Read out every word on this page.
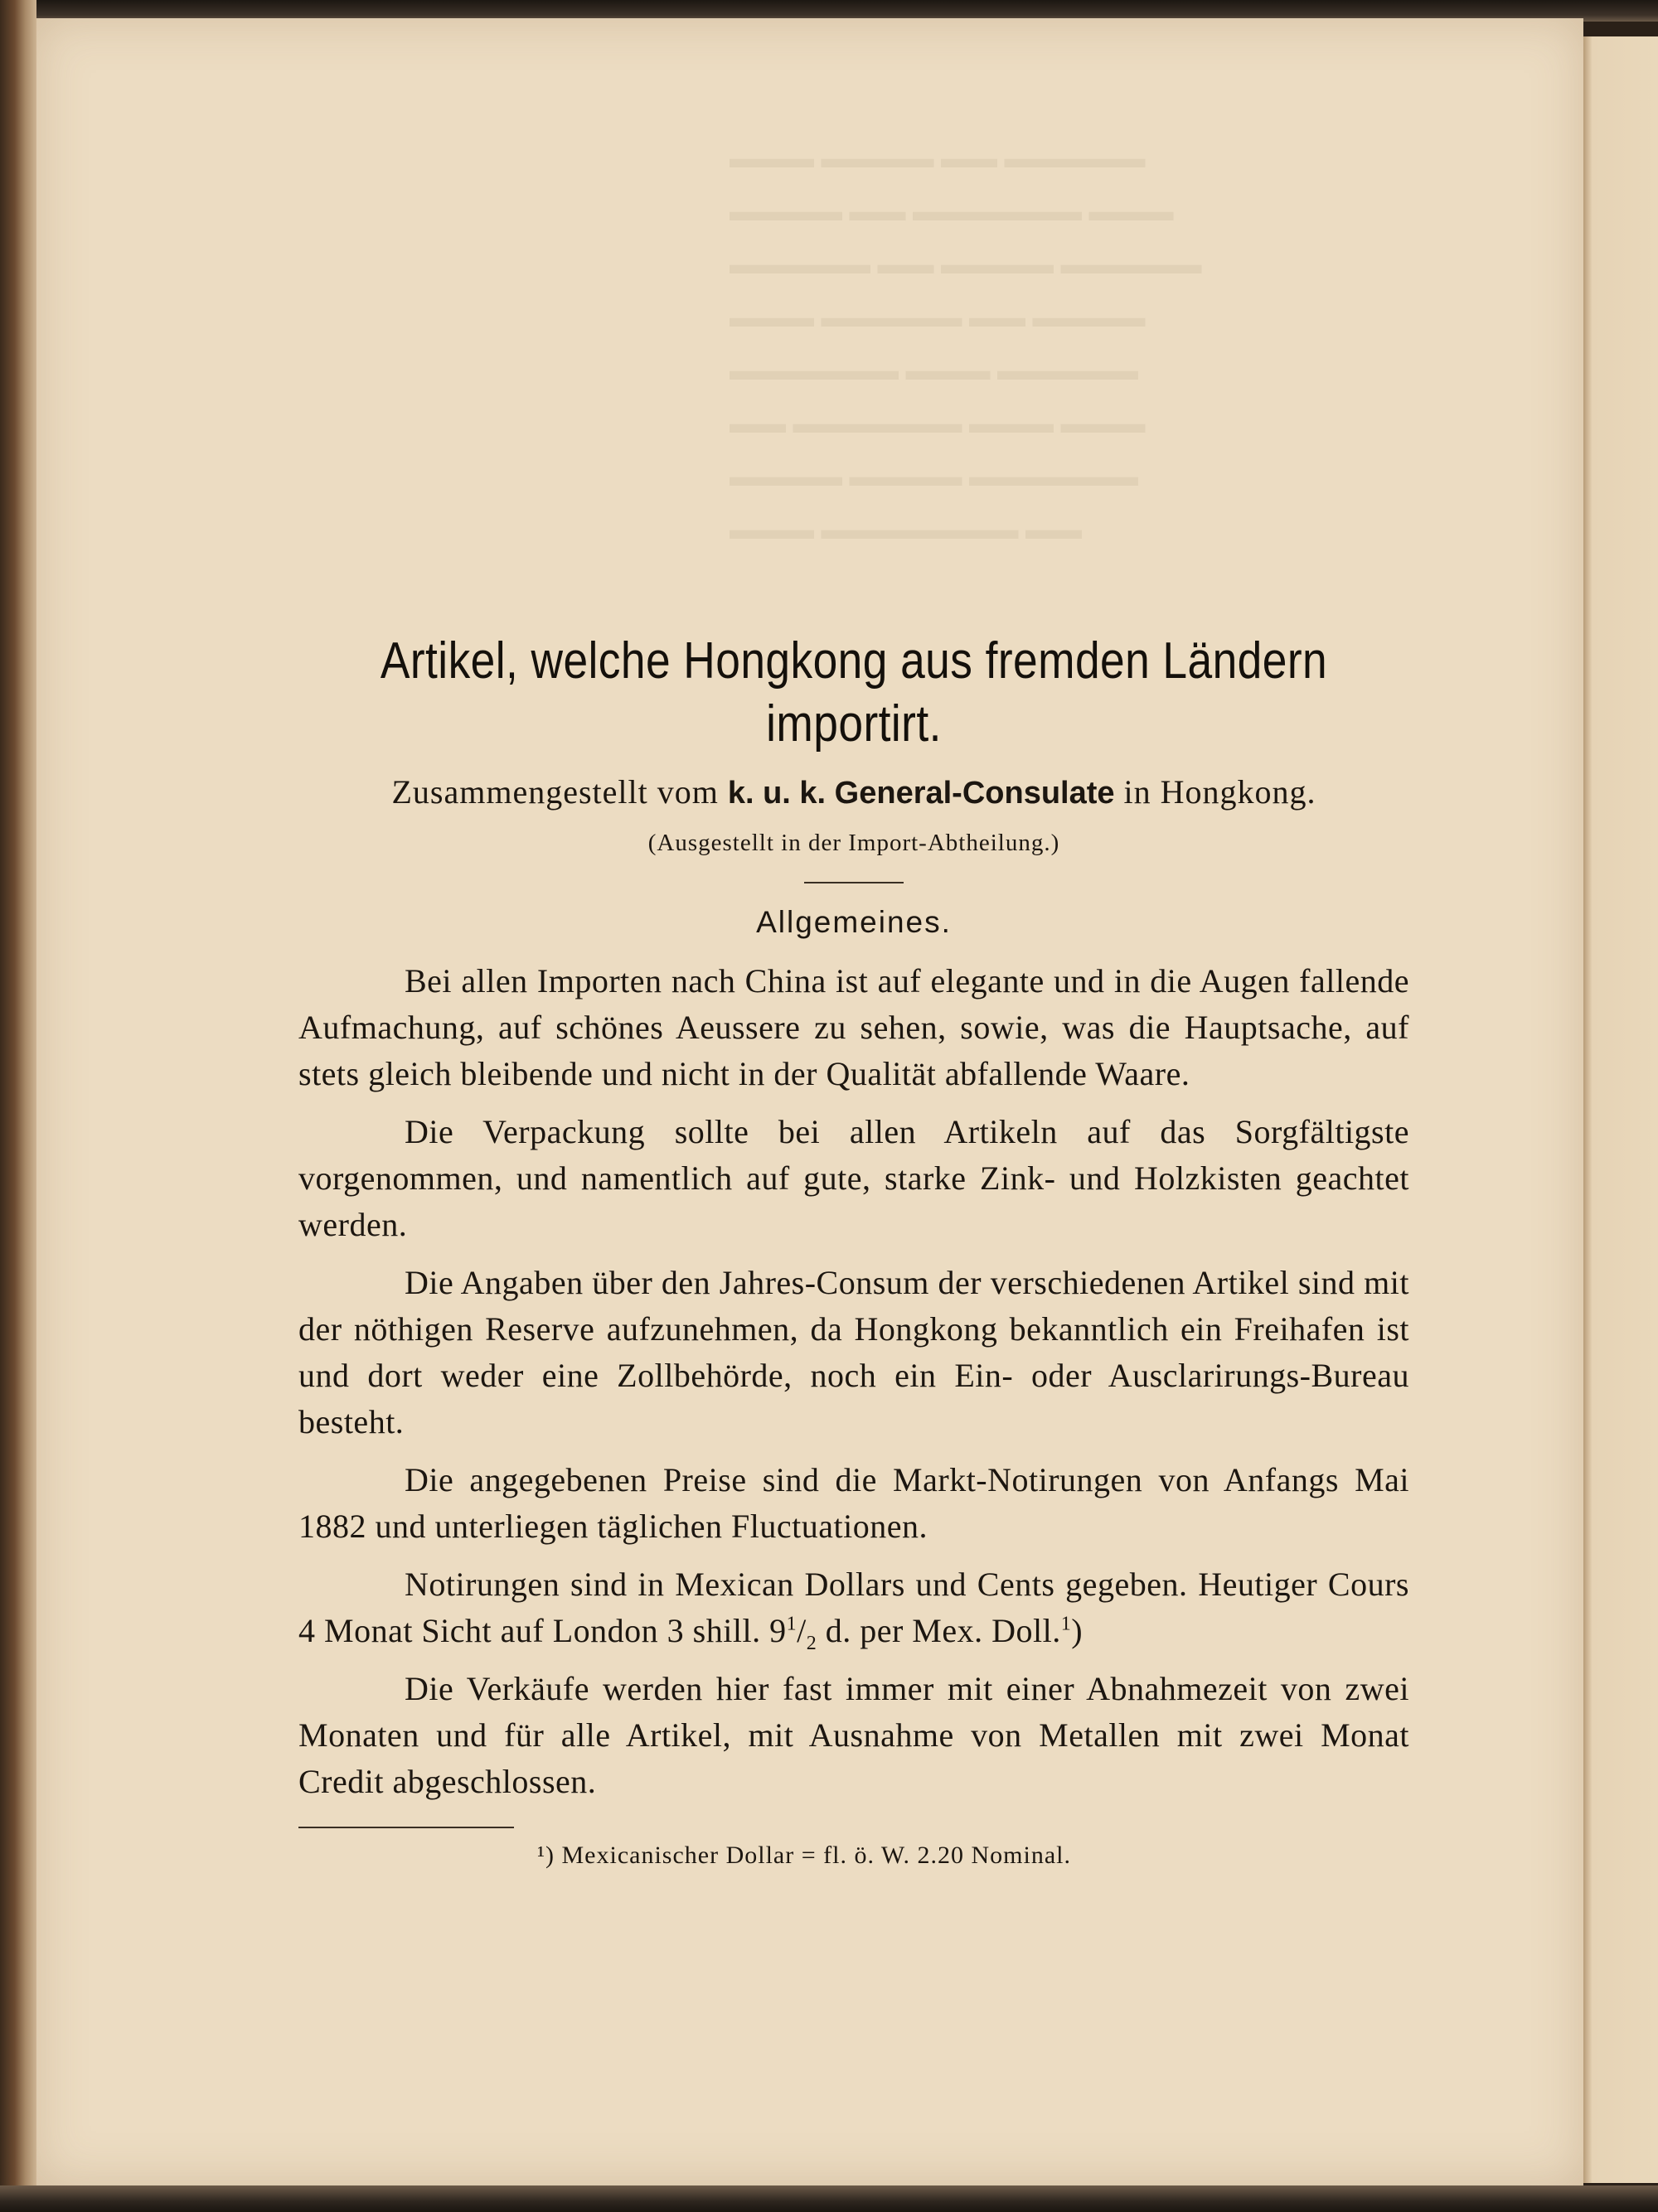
▬▬▬ ▬▬▬▬ ▬▬ ▬▬▬▬▬
▬▬▬▬ ▬▬ ▬▬▬▬▬▬ ▬▬▬
▬▬▬▬▬ ▬▬ ▬▬▬▬ ▬▬▬▬▬
▬▬▬ ▬▬▬▬▬ ▬▬ ▬▬▬▬
▬▬▬▬▬▬ ▬▬▬ ▬▬▬▬▬
▬▬ ▬▬▬▬▬▬ ▬▬▬ ▬▬▬
▬▬▬▬ ▬▬▬▬ ▬▬▬▬▬▬
▬▬▬ ▬▬▬▬▬▬▬ ▬▬
Artikel, welche Hongkong aus fremden Ländern
importirt.
Zusammengestellt vom k. u. k. General-Consulate in Hongkong.
(Ausgestellt in der Import-Abtheilung.)
Allgemeines.

Bei allen Importen nach China ist auf elegante und in die Augen fallende Aufmachung, auf schönes Aeussere zu sehen, sowie, was die Hauptsache, auf stets gleich bleibende und nicht in der Qualität abfallende Waare.

Die Verpackung sollte bei allen Artikeln auf das Sorgfältigste vorgenommen, und namentlich auf gute, starke Zink- und Holzkisten geachtet werden.

Die Angaben über den Jahres-Consum der verschiedenen Artikel sind mit der nöthigen Reserve aufzunehmen, da Hongkong bekanntlich ein Freihafen ist und dort weder eine Zollbehörde, noch ein Ein- oder Ausclarirungs-Bureau besteht.

Die angegebenen Preise sind die Markt-Notirungen von Anfangs Mai 1882 und unterliegen täglichen Fluctuationen.

Notirungen sind in Mexican Dollars und Cents gegeben. Heutiger Cours 4 Monat Sicht auf London 3 shill. $9^1/_2$ d. per Mex. Doll.$^1$)

Die Verkäufe werden hier fast immer mit einer Abnahmezeit von zwei Monaten und für alle Artikel, mit Ausnahme von Metallen mit zwei Monat Credit abgeschlossen.

¹) Mexicanischer Dollar = fl. ö. W. 2.20 Nominal.
